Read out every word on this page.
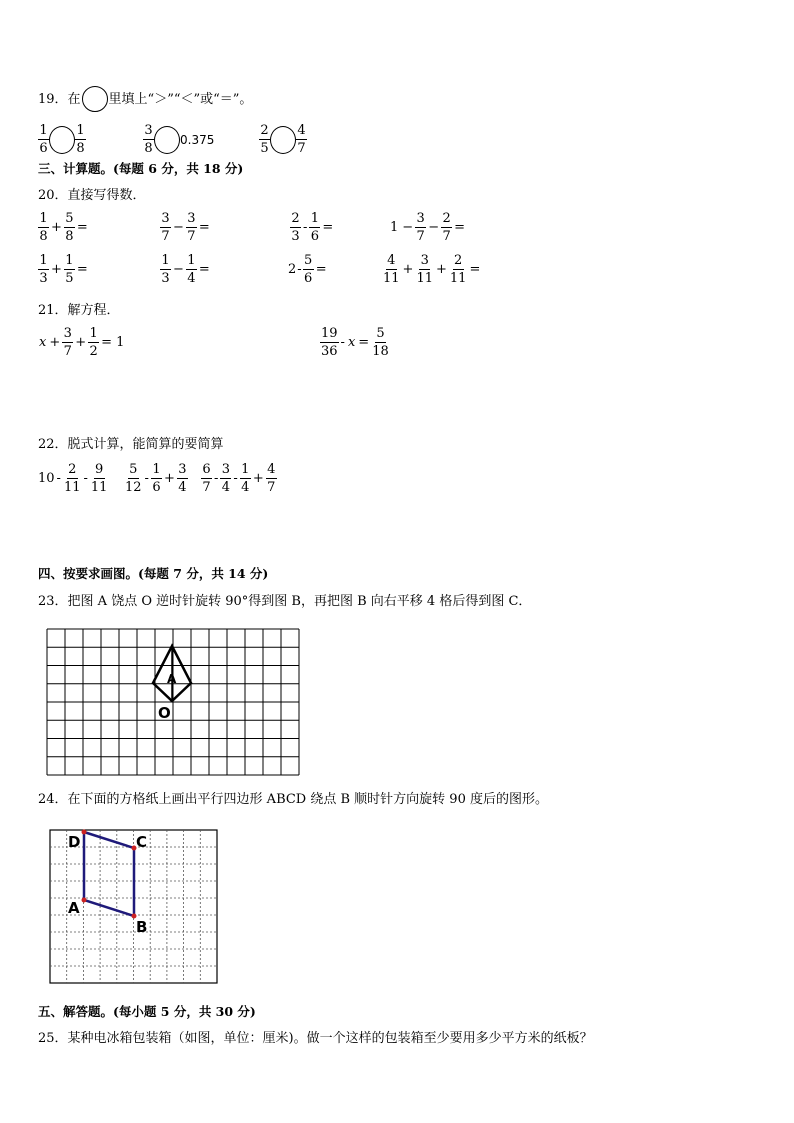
19．在 里填上“＞”“＜”或“＝”。
$\frac{1}{6} \frac{1}{8}$	$\frac{3}{8} 0.375$	$\frac{2}{5} \frac{4}{7}$
三、计算题。(每题 6 分，共 18 分)
20．直接写得数．
$\frac{1}{8} + \frac{5}{8}$ =	$\frac{3}{7} - \frac{3}{7}$ =	$\frac{2}{3} - \frac{1}{6}$ =	$1 - \frac{3}{7} - \frac{2}{7}$ =
$\frac{1}{3} + \frac{1}{5}$ =	$\frac{1}{3} - \frac{1}{4}$ =	$2- \frac{5}{6}$ =	$\frac{4}{11} + \frac{3}{11} + \frac{2}{11}$ =
21．解方程．
$x + \frac{3}{7} + \frac{1}{2} = 1$	$\frac{19}{36} - x = \frac{5}{18}$
22．脱式计算，能简算的要简算
$10 - \frac{2}{11} - \frac{9}{11} \frac{5}{12} - \frac{1}{6} + \frac{3}{4} \frac{6}{7} - \frac{3}{4} - \frac{1}{4} + \frac{4}{7}$
四、按要求画图。(每题 7 分，共 14 分)
23．把图 A 饶点 O 逆时针旋转 90°得到图 B，再把图 B 向右平移 4 格后得到图 C．
A
O
24．在下面的方格纸上画出平行四边形 ABCD 绕点 B 顺时针方向旋转 90 度后的图形。
D	C
A
B
五、解答题。(每小题 5 分，共 30 分)
25．某种电冰箱包装箱（如图，单位：厘米)。做一个这样的包装箱至少要用多少平方米的纸板？
